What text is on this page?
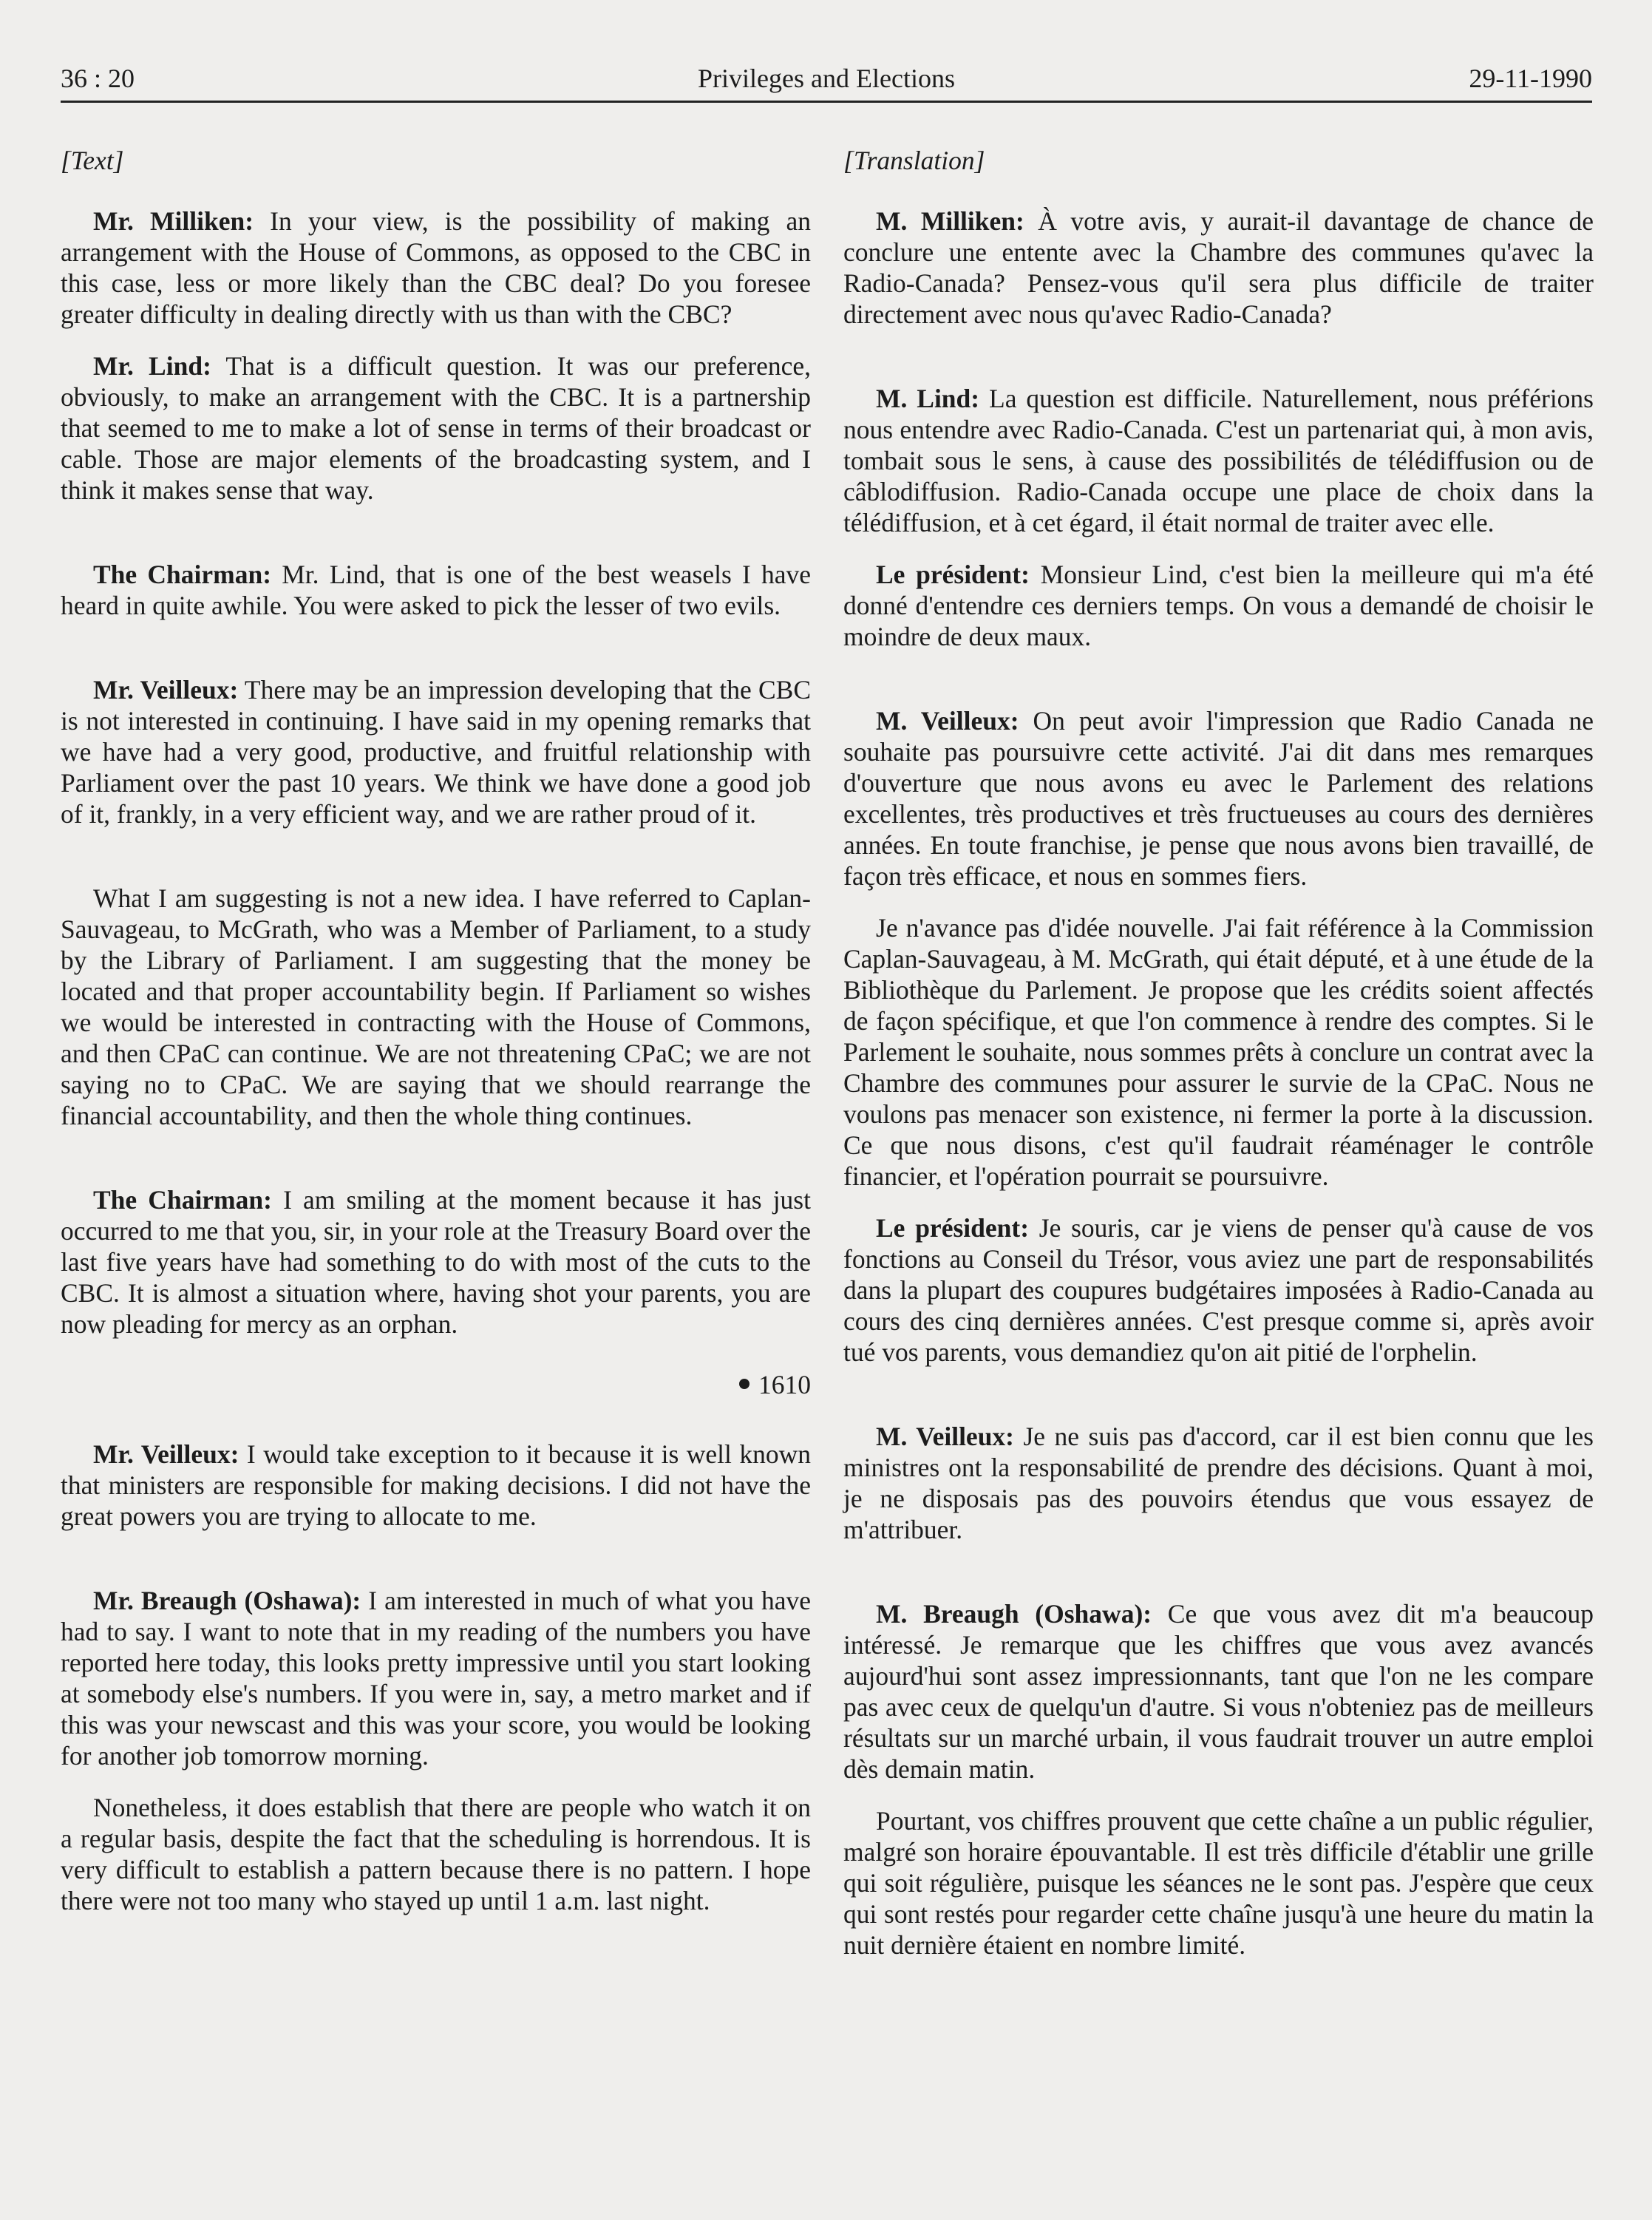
36 : 20	Privileges and Elections	29-11-1990
[Text]

Mr. Milliken: In your view, is the possibility of making an arrangement with the House of Commons, as opposed to the CBC in this case, less or more likely than the CBC deal? Do you foresee greater difficulty in dealing directly with us than with the CBC?

Mr. Lind: That is a difficult question. It was our preference, obviously, to make an arrangement with the CBC. It is a partnership that seemed to me to make a lot of sense in terms of their broadcast or cable. Those are major elements of the broadcasting system, and I think it makes sense that way.

The Chairman: Mr. Lind, that is one of the best weasels I have heard in quite awhile. You were asked to pick the lesser of two evils.

Mr. Veilleux: There may be an impression developing that the CBC is not interested in continuing. I have said in my opening remarks that we have had a very good, productive, and fruitful relationship with Parliament over the past 10 years. We think we have done a good job of it, frankly, in a very efficient way, and we are rather proud of it.

What I am suggesting is not a new idea. I have referred to Caplan-Sauvageau, to McGrath, who was a Member of Parliament, to a study by the Library of Parliament. I am suggesting that the money be located and that proper accountability begin. If Parliament so wishes we would be interested in contracting with the House of Commons, and then CPaC can continue. We are not threatening CPaC; we are not saying no to CPaC. We are saying that we should rearrange the financial accountability, and then the whole thing continues.

The Chairman: I am smiling at the moment because it has just occurred to me that you, sir, in your role at the Treasury Board over the last five years have had something to do with most of the cuts to the CBC. It is almost a situation where, having shot your parents, you are now pleading for mercy as an orphan.

1610

Mr. Veilleux: I would take exception to it because it is well known that ministers are responsible for making decisions. I did not have the great powers you are trying to allocate to me.

Mr. Breaugh (Oshawa): I am interested in much of what you have had to say. I want to note that in my reading of the numbers you have reported here today, this looks pretty impressive until you start looking at somebody else's numbers. If you were in, say, a metro market and if this was your newscast and this was your score, you would be looking for another job tomorrow morning.

Nonetheless, it does establish that there are people who watch it on a regular basis, despite the fact that the scheduling is horrendous. It is very difficult to establish a pattern because there is no pattern. I hope there were not too many who stayed up until 1 a.m. last night.

[Translation]

M. Milliken: À votre avis, y aurait-il davantage de chance de conclure une entente avec la Chambre des communes qu'avec la Radio-Canada? Pensez-vous qu'il sera plus difficile de traiter directement avec nous qu'avec Radio-Canada?

M. Lind: La question est difficile. Naturellement, nous préférions nous entendre avec Radio-Canada. C'est un partenariat qui, à mon avis, tombait sous le sens, à cause des possibilités de télédiffusion ou de câblodiffusion. Radio-Canada occupe une place de choix dans la télédiffusion, et à cet égard, il était normal de traiter avec elle.

Le président: Monsieur Lind, c'est bien la meilleure qui m'a été donné d'entendre ces derniers temps. On vous a demandé de choisir le moindre de deux maux.

M. Veilleux: On peut avoir l'impression que Radio Canada ne souhaite pas poursuivre cette activité. J'ai dit dans mes remarques d'ouverture que nous avons eu avec le Parlement des relations excellentes, très productives et très fructueuses au cours des dernières années. En toute franchise, je pense que nous avons bien travaillé, de façon très efficace, et nous en sommes fiers.

Je n'avance pas d'idée nouvelle. J'ai fait référence à la Commission Caplan-Sauvageau, à M. McGrath, qui était député, et à une étude de la Bibliothèque du Parlement. Je propose que les crédits soient affectés de façon spécifique, et que l'on commence à rendre des comptes. Si le Parlement le souhaite, nous sommes prêts à conclure un contrat avec la Chambre des communes pour assurer le survie de la CPaC. Nous ne voulons pas menacer son existence, ni fermer la porte à la discussion. Ce que nous disons, c'est qu'il faudrait réaménager le contrôle financier, et l'opération pourrait se poursuivre.

Le président: Je souris, car je viens de penser qu'à cause de vos fonctions au Conseil du Trésor, vous aviez une part de responsabilités dans la plupart des coupures budgétaires imposées à Radio-Canada au cours des cinq dernières années. C'est presque comme si, après avoir tué vos parents, vous demandiez qu'on ait pitié de l'orphelin.

M. Veilleux: Je ne suis pas d'accord, car il est bien connu que les ministres ont la responsabilité de prendre des décisions. Quant à moi, je ne disposais pas des pouvoirs étendus que vous essayez de m'attribuer.

M. Breaugh (Oshawa): Ce que vous avez dit m'a beaucoup intéressé. Je remarque que les chiffres que vous avez avancés aujourd'hui sont assez impressionnants, tant que l'on ne les compare pas avec ceux de quelqu'un d'autre. Si vous n'obteniez pas de meilleurs résultats sur un marché urbain, il vous faudrait trouver un autre emploi dès demain matin.

Pourtant, vos chiffres prouvent que cette chaîne a un public régulier, malgré son horaire épouvantable. Il est très difficile d'établir une grille qui soit régulière, puisque les séances ne le sont pas. J'espère que ceux qui sont restés pour regarder cette chaîne jusqu'à une heure du matin la nuit dernière étaient en nombre limité.
